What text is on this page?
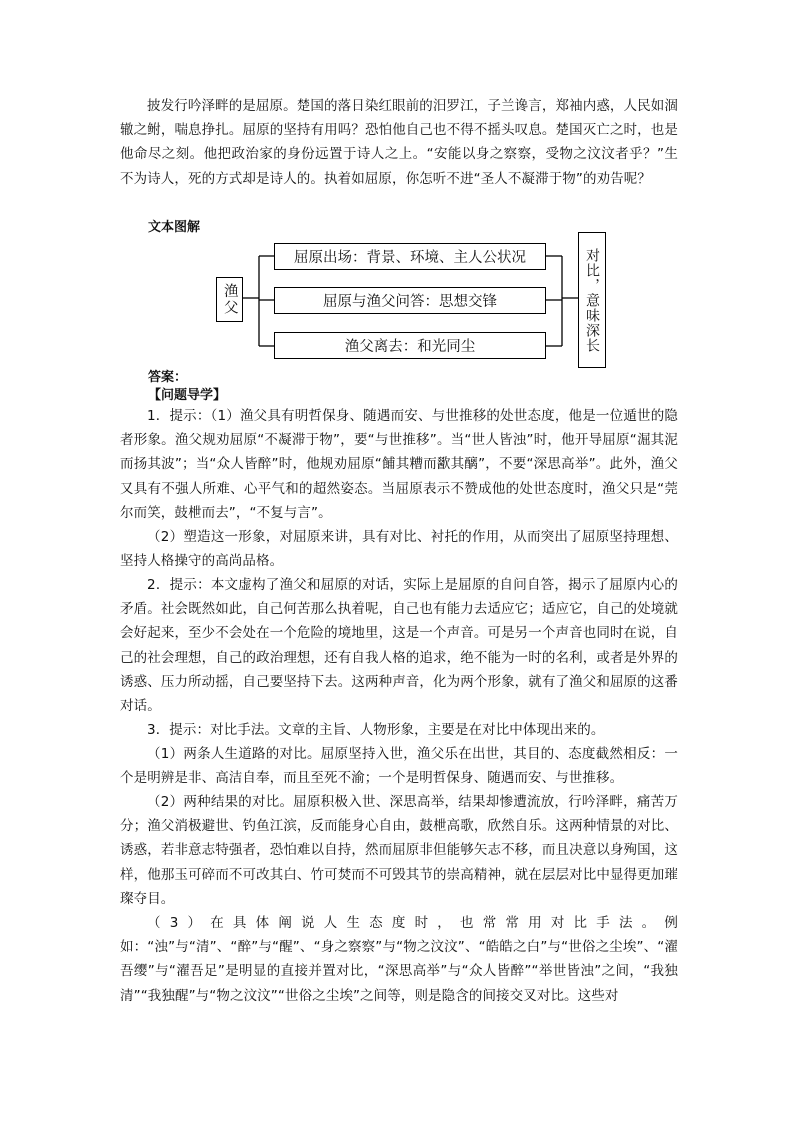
披发行吟泽畔的是屈原。楚国的落日染红眼前的汨罗江，子兰谗言，郑袖内惑，人民如涸辙之鲋，喘息挣扎。屈原的坚持有用吗？恐怕他自己也不得不摇头叹息。楚国灭亡之时，也是他命尽之刻。他把政治家的身份远置于诗人之上。“安能以身之察察，受物之汶汶者乎？”生不为诗人，死的方式却是诗人的。执着如屈原，你怎听不进“圣人不凝滞于物”的劝告呢？

文本图解

渔父
屈原出场：背景、环境、主人公状况
屈原与渔父问答：思想交锋
渔父离去：和光同尘	对比，意味深长

答案：

【问题导学】

1．提示：（1）渔父具有明哲保身、随遇而安、与世推移的处世态度，他是一位遁世的隐者形象。渔父规劝屈原“不凝滞于物”，要“与世推移”。当“世人皆浊”时，他开导屈原“淈其泥而扬其波”；当“众人皆醉”时，他规劝屈原“餔其糟而歠其醨”，不要“深思高举”。此外，渔父又具有不强人所难、心平气和的超然姿态。当屈原表示不赞成他的处世态度时，渔父只是“莞尔而笑，鼓枻而去”，“不复与言”。

（2）塑造这一形象，对屈原来讲，具有对比、衬托的作用，从而突出了屈原坚持理想、坚持人格操守的高尚品格。

2．提示：本文虚构了渔父和屈原的对话，实际上是屈原的自问自答，揭示了屈原内心的矛盾。社会既然如此，自己何苦那么执着呢，自己也有能力去适应它；适应它，自己的处境就会好起来，至少不会处在一个危险的境地里，这是一个声音。可是另一个声音也同时在说，自己的社会理想，自己的政治理想，还有自我人格的追求，绝不能为一时的名利，或者是外界的诱惑、压力所动摇，自己要坚持下去。这两种声音，化为两个形象，就有了渔父和屈原的这番对话。

3．提示：对比手法。文章的主旨、人物形象，主要是在对比中体现出来的。

（1）两条人生道路的对比。屈原坚持入世，渔父乐在出世，其目的、态度截然相反：一个是明辨是非、高洁自奉，而且至死不渝；一个是明哲保身、随遇而安、与世推移。

（2）两种结果的对比。屈原积极入世、深思高举，结果却惨遭流放，行吟泽畔，痛苦万分；渔父消极避世、钓鱼江滨，反而能身心自由，鼓枻高歌，欣然自乐。这两种情景的对比、诱惑，若非意志特强者，恐怕难以自持，然而屈原非但能够矢志不移，而且决意以身殉国，这样，他那玉可碎而不可改其白、竹可焚而不可毁其节的崇高精神，就在层层对比中显得更加璀璨夺目。

（3）在具体阐说人生态度时，也常常用对比手法。例如：“浊”与“清”、“醉”与“醒”、“身之察察”与“物之汶汶”、“皓皓之白”与“世俗之尘埃”、“濯吾缨”与“濯吾足”是明显的直接并置对比，“深思高举”与“众人皆醉”“举世皆浊”之间，“我独清”“我独醒”与“物之汶汶”“世俗之尘埃”之间等，则是隐含的间接交叉对比。这些对
